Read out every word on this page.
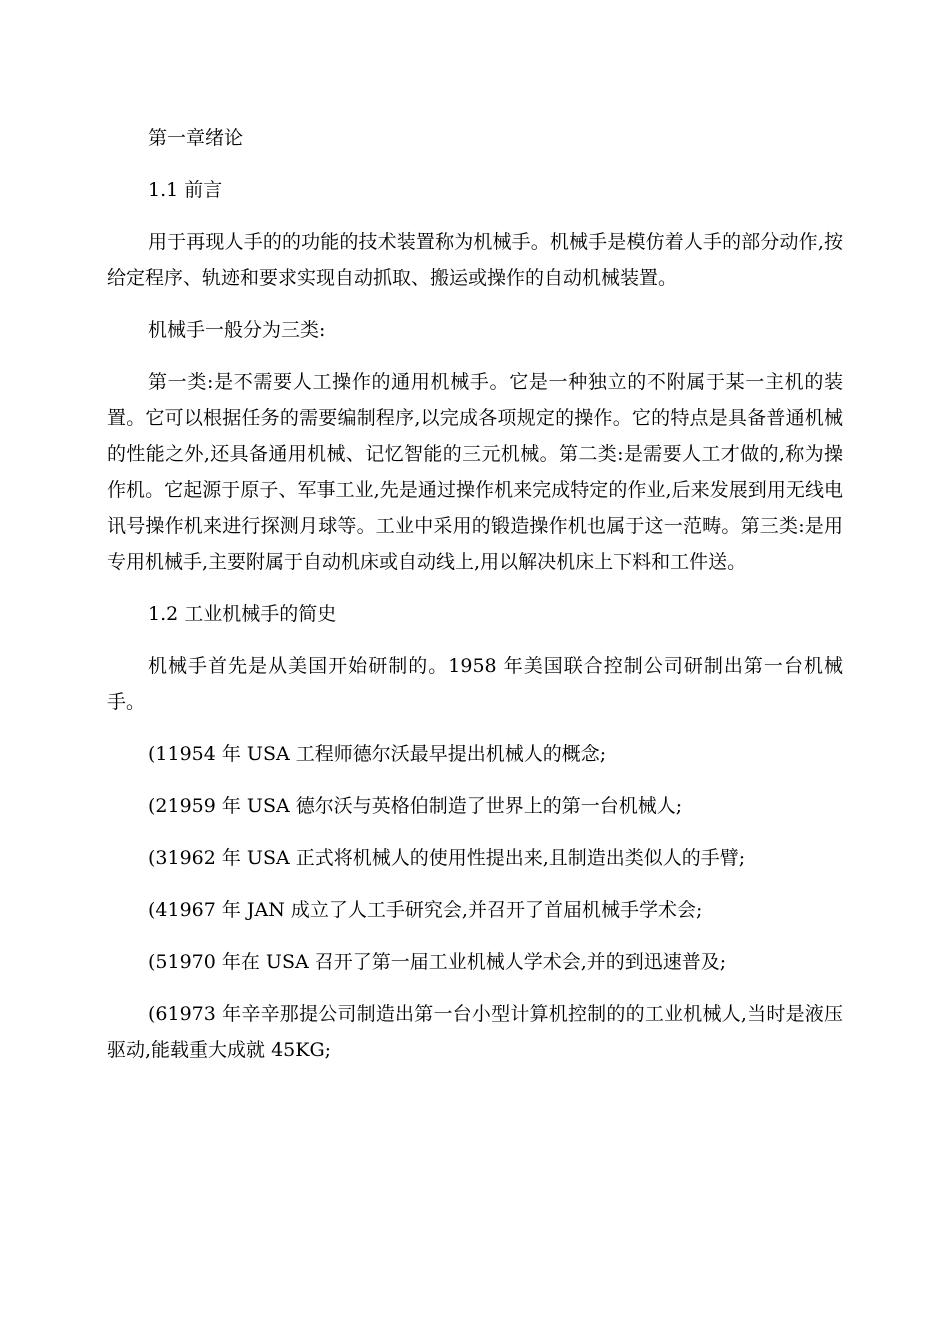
第一章绪论

1.1 前言

用于再现人手的的功能的技术装置称为机械手。机械手是模仿着人手的部分动作,按给定程序、轨迹和要求实现自动抓取、搬运或操作的自动机械装置。

机械手一般分为三类:

第一类:是不需要人工操作的通用机械手。它是一种独立的不附属于某一主机的装置。它可以根据任务的需要编制程序,以完成各项规定的操作。它的特点是具备普通机械的性能之外,还具备通用机械、记忆智能的三元机械。第二类:是需要人工才做的,称为操作机。它起源于原子、军事工业,先是通过操作机来完成特定的作业,后来发展到用无线电讯号操作机来进行探测月球等。工业中采用的锻造操作机也属于这一范畴。第三类:是用专用机械手,主要附属于自动机床或自动线上,用以解决机床上下料和工件送。

1.2 工业机械手的简史

机械手首先是从美国开始研制的。1958 年美国联合控制公司研制出第一台机械手。

(11954 年 USA 工程师德尔沃最早提出机械人的概念;

(21959 年 USA 德尔沃与英格伯制造了世界上的第一台机械人;

(31962 年 USA 正式将机械人的使用性提出来,且制造出类似人的手臂;

(41967 年 JAN 成立了人工手研究会,并召开了首届机械手学术会;

(51970 年在 USA 召开了第一届工业机械人学术会,并的到迅速普及;

(61973 年辛辛那提公司制造出第一台小型计算机控制的的工业机械人,当时是液压驱动,能载重大成就 45KG;
